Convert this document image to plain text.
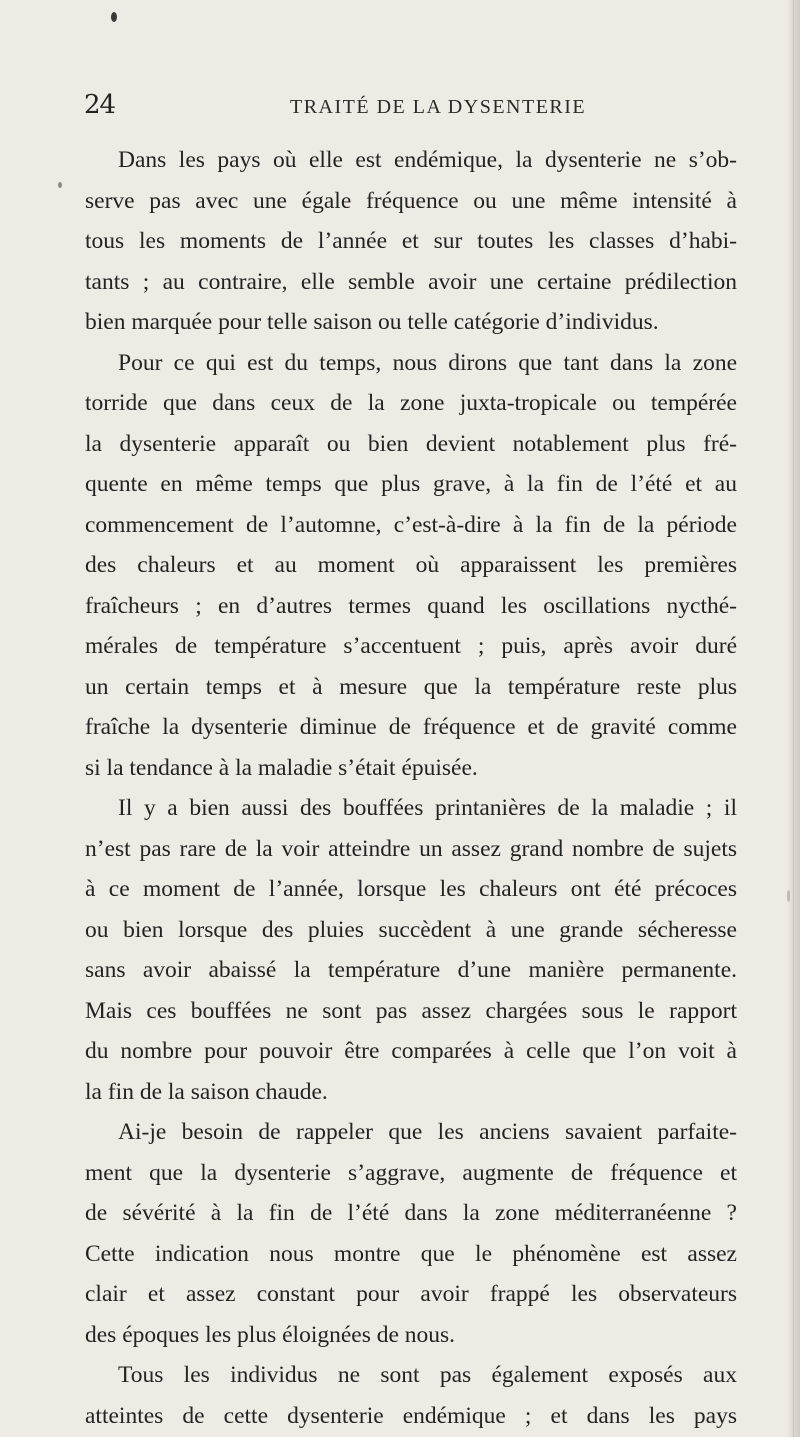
24	TRAITÉ DE LA DYSENTERIE
Dans les pays où elle est endémique, la dysenterie ne s’ob-
serve pas avec une égale fréquence ou une même intensité à
tous les moments de l’année et sur toutes les classes d’habi-
tants ; au contraire, elle semble avoir une certaine prédilection
bien marquée pour telle saison ou telle catégorie d’individus.
Pour ce qui est du temps, nous dirons que tant dans la zone
torride que dans ceux de la zone juxta-tropicale ou tempérée
la dysenterie apparaît ou bien devient notablement plus fré-
quente en même temps que plus grave, à la fin de l’été et au
commencement de l’automne, c’est-à-dire à la fin de la période
des chaleurs et au moment où apparaissent les premières
fraîcheurs ; en d’autres termes quand les oscillations nycthé-
mérales de température s’accentuent ; puis, après avoir duré
un certain temps et à mesure que la température reste plus
fraîche la dysenterie diminue de fréquence et de gravité comme
si la tendance à la maladie s’était épuisée.
Il y a bien aussi des bouffées printanières de la maladie ; il
n’est pas rare de la voir atteindre un assez grand nombre de sujets
à ce moment de l’année, lorsque les chaleurs ont été précoces
ou bien lorsque des pluies succèdent à une grande sécheresse
sans avoir abaissé la température d’une manière permanente.
Mais ces bouffées ne sont pas assez chargées sous le rapport
du nombre pour pouvoir être comparées à celle que l’on voit à
la fin de la saison chaude.
Ai-je besoin de rappeler que les anciens savaient parfaite-
ment que la dysenterie s’aggrave, augmente de fréquence et
de sévérité à la fin de l’été dans la zone méditerranéenne ?
Cette indication nous montre que le phénomène est assez
clair et assez constant pour avoir frappé les observateurs
des époques les plus éloignées de nous.
Tous les individus ne sont pas également exposés aux
atteintes de cette dysenterie endémique ; et dans les pays
